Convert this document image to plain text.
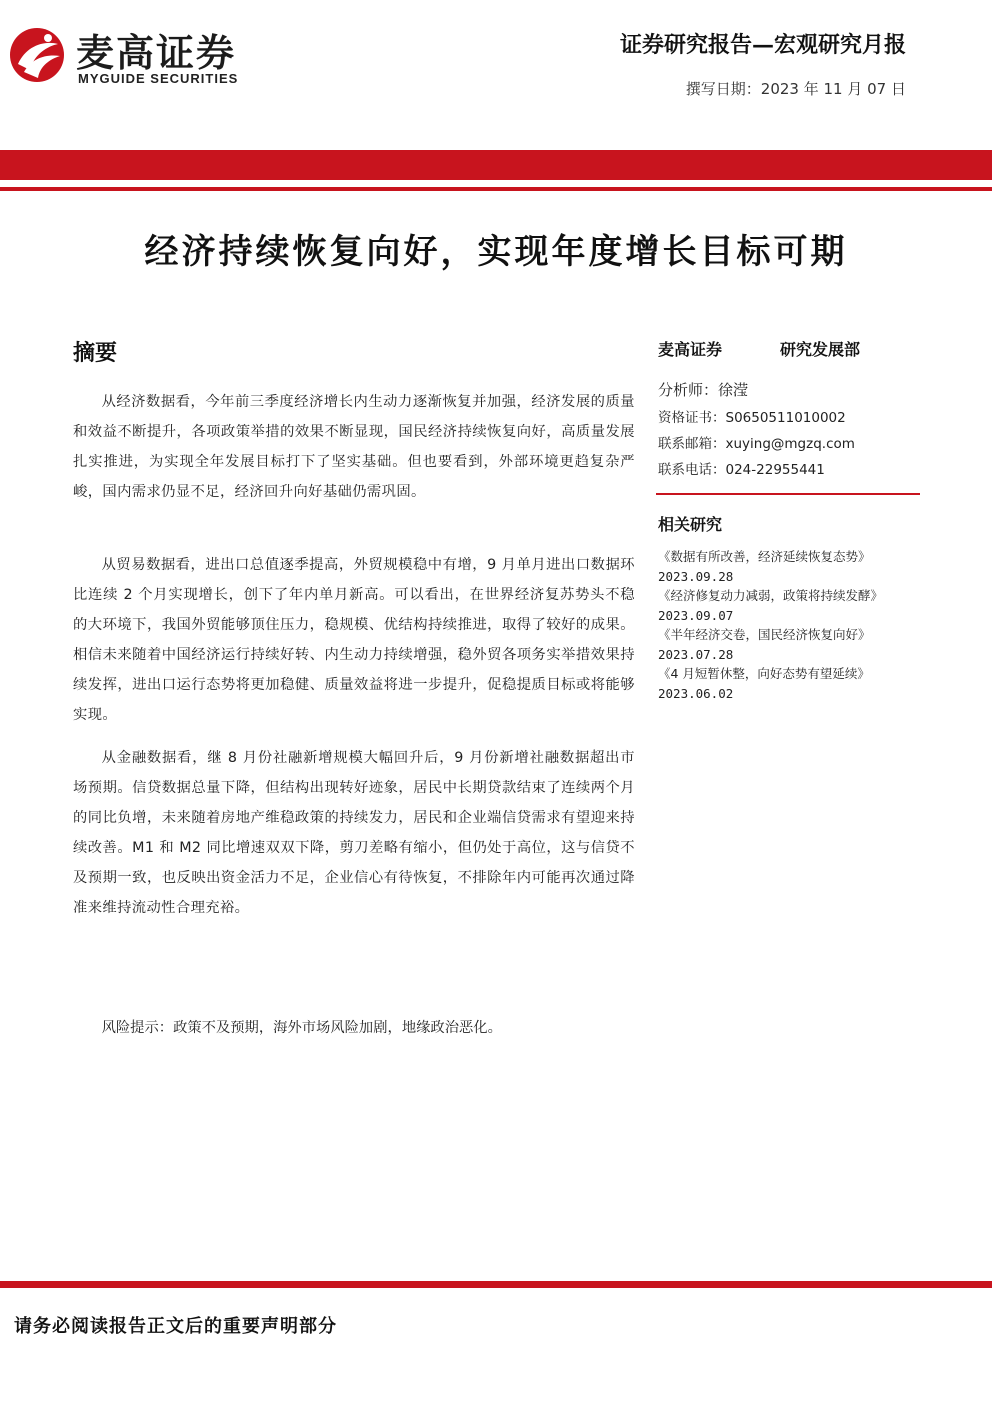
麦高证券
MYGUIDE SECURITIES
证券研究报告—宏观研究月报
撰写日期：2023 年 11 月 07 日
经济持续恢复向好，实现年度增长目标可期
摘要
从经济数据看，今年前三季度经济增长内生动力逐渐恢复并加强，经济发展的质量和效益不断提升，各项政策举措的效果不断显现，国民经济持续恢复向好，高质量发展扎实推进，为实现全年发展目标打下了坚实基础。但也要看到，外部环境更趋复杂严峻，国内需求仍显不足，经济回升向好基础仍需巩固。
从贸易数据看，进出口总值逐季提高，外贸规模稳中有增，9 月单月进出口数据环比连续 2 个月实现增长，创下了年内单月新高。可以看出，在世界经济复苏势头不稳的大环境下，我国外贸能够顶住压力，稳规模、优结构持续推进，取得了较好的成果。相信未来随着中国经济运行持续好转、内生动力持续增强，稳外贸各项务实举措效果持续发挥，进出口运行态势将更加稳健、质量效益将进一步提升，促稳提质目标或将能够实现。
从金融数据看，继 8 月份社融新增规模大幅回升后，9 月份新增社融数据超出市场预期。信贷数据总量下降，但结构出现转好迹象，居民中长期贷款结束了连续两个月的同比负增，未来随着房地产维稳政策的持续发力，居民和企业端信贷需求有望迎来持续改善。M1 和 M2 同比增速双双下降，剪刀差略有缩小，但仍处于高位，这与信贷不及预期一致，也反映出资金活力不足，企业信心有待恢复，不排除年内可能再次通过降准来维持流动性合理充裕。
风险提示：政策不及预期，海外市场风险加剧，地缘政治恶化。
麦高证券	研究发展部
分析师：徐滢
资格证书：S0650511010002
联系邮箱：xuying@mgzq.com
联系电话：024-22955441
相关研究
《数据有所改善，经济延续恢复态势》
2023.09.28
《经济修复动力减弱，政策将持续发酵》
2023.09.07
《半年经济交卷，国民经济恢复向好》
2023.07.28
《4 月短暂休整，向好态势有望延续》
2023.06.02
请务必阅读报告正文后的重要声明部分
